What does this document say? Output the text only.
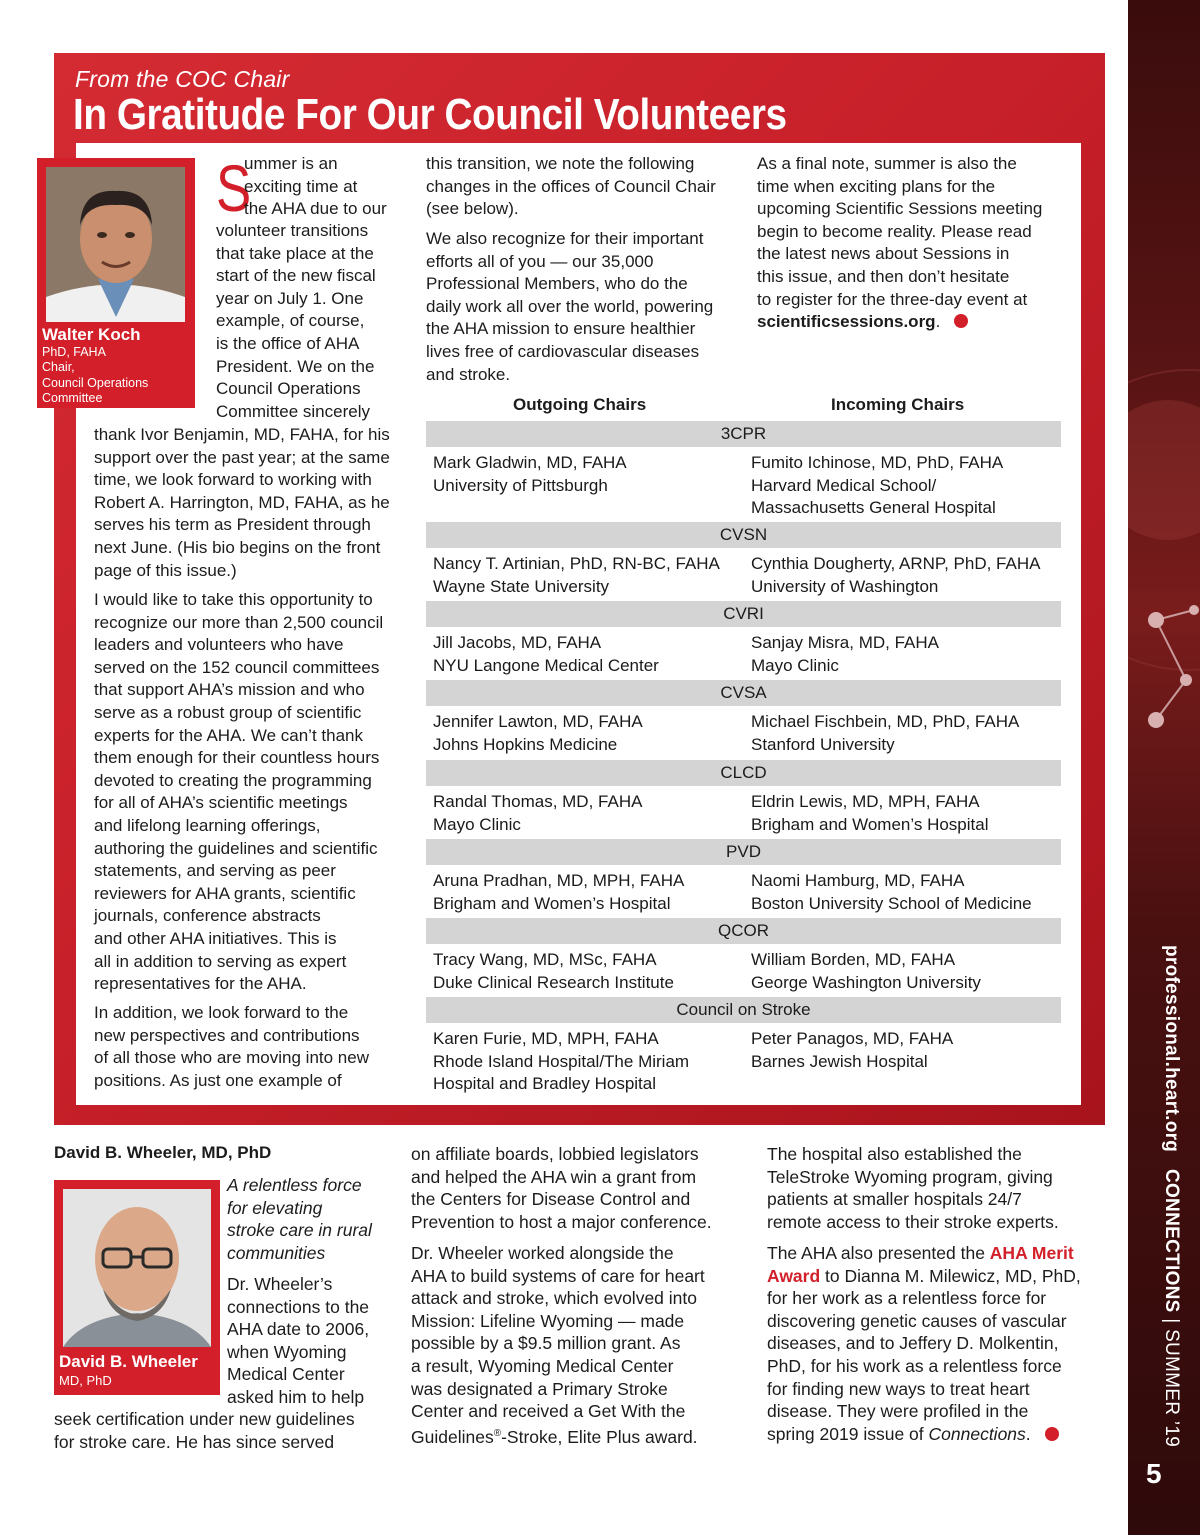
professional.heart.org   CONNECTIONS | SUMMER ’19
5
From the COC Chair
In Gratitude For Our Council Volunteers
Walter Koch
PhD, FAHA
Chair,
Council Operations
Committee
S

ummer is an

exciting time at

the AHA due to our

volunteer transitions

that take place at the

start of the new fiscal

year on July 1. One

example, of course,

is the office of AHA

President. We on the

Council Operations

Committee sincerely

thank Ivor Benjamin, MD, FAHA, for his

support over the past year; at the same

time, we look forward to working with

Robert A. Harrington, MD, FAHA, as he

serves his term as President through

next June. (His bio begins on the front

page of this issue.)

I would like to take this opportunity to

recognize our more than 2,500 council

leaders and volunteers who have

served on the 152 council committees

that support AHA’s mission and who

serve as a robust group of scientific

experts for the AHA. We can’t thank

them enough for their countless hours

devoted to creating the programming

for all of AHA’s scientific meetings

and lifelong learning offerings,

authoring the guidelines and scientific

statements, and serving as peer

reviewers for AHA grants, scientific

journals, conference abstracts

and other AHA initiatives. This is

all in addition to serving as expert

representatives for the AHA.

In addition, we look forward to the

new perspectives and contributions

of all those who are moving into new

positions. As just one example of

this transition, we note the following

changes in the offices of Council Chair

(see below).

We also recognize for their important

efforts all of you — our 35,000

Professional Members, who do the

daily work all over the world, powering

the AHA mission to ensure healthier

lives free of cardiovascular diseases

and stroke.

As a final note, summer is also the

time when exciting plans for the

upcoming Scientific Sessions meeting

begin to become reality. Please read

the latest news about Sessions in

this issue, and then don’t hesitate

to register for the three-day event at

scientificsessions.org.

Outgoing Chairs	Incoming Chairs
3CPR
Mark Gladwin, MD, FAHA
University of Pittsburgh
Fumito Ichinose, MD, PhD, FAHA
Harvard Medical School/
Massachusetts General Hospital
CVSN
Nancy T. Artinian, PhD, RN-BC, FAHA
Wayne State University
Cynthia Dougherty, ARNP, PhD, FAHA
University of Washington
CVRI
Jill Jacobs, MD, FAHA
NYU Langone Medical Center
Sanjay Misra, MD, FAHA
Mayo Clinic
CVSA
Jennifer Lawton, MD, FAHA
Johns Hopkins Medicine
Michael Fischbein, MD, PhD, FAHA
Stanford University
CLCD
Randal Thomas, MD, FAHA
Mayo Clinic
Eldrin Lewis, MD, MPH, FAHA
Brigham and Women’s Hospital
PVD
Aruna Pradhan, MD, MPH, FAHA
Brigham and Women’s Hospital
Naomi Hamburg, MD, FAHA
Boston University School of Medicine
QCOR
Tracy Wang, MD, MSc, FAHA
Duke Clinical Research Institute
William Borden, MD, FAHA
George Washington University
Council on Stroke
Karen Furie, MD, MPH, FAHA
Rhode Island Hospital/The Miriam
Hospital and Bradley Hospital
Peter Panagos, MD, FAHA
Barnes Jewish Hospital
David B. Wheeler, MD, PhD
David B. Wheeler
MD, PhD

A relentless force

for elevating

stroke care in rural

communities

Dr. Wheeler’s

connections to the

AHA date to 2006,

when Wyoming

Medical Center

asked him to help

seek certification under new guidelines

for stroke care. He has since served

on affiliate boards, lobbied legislators

and helped the AHA win a grant from

the Centers for Disease Control and

Prevention to host a major conference.

Dr. Wheeler worked alongside the

AHA to build systems of care for heart

attack and stroke, which evolved into

Mission: Lifeline Wyoming — made

possible by a $9.5 million grant. As

a result, Wyoming Medical Center

was designated a Primary Stroke

Center and received a Get With the

Guidelines®-Stroke, Elite Plus award.

The hospital also established the

TeleStroke Wyoming program, giving

patients at smaller hospitals 24/7

remote access to their stroke experts.

The AHA also presented the AHA Merit

Award to Dianna M. Milewicz, MD, PhD,

for her work as a relentless force for

discovering genetic causes of vascular

diseases, and to Jeffery D. Molkentin,

PhD, for his work as a relentless force

for finding new ways to treat heart

disease. They were profiled in the

spring 2019 issue of Connections.
